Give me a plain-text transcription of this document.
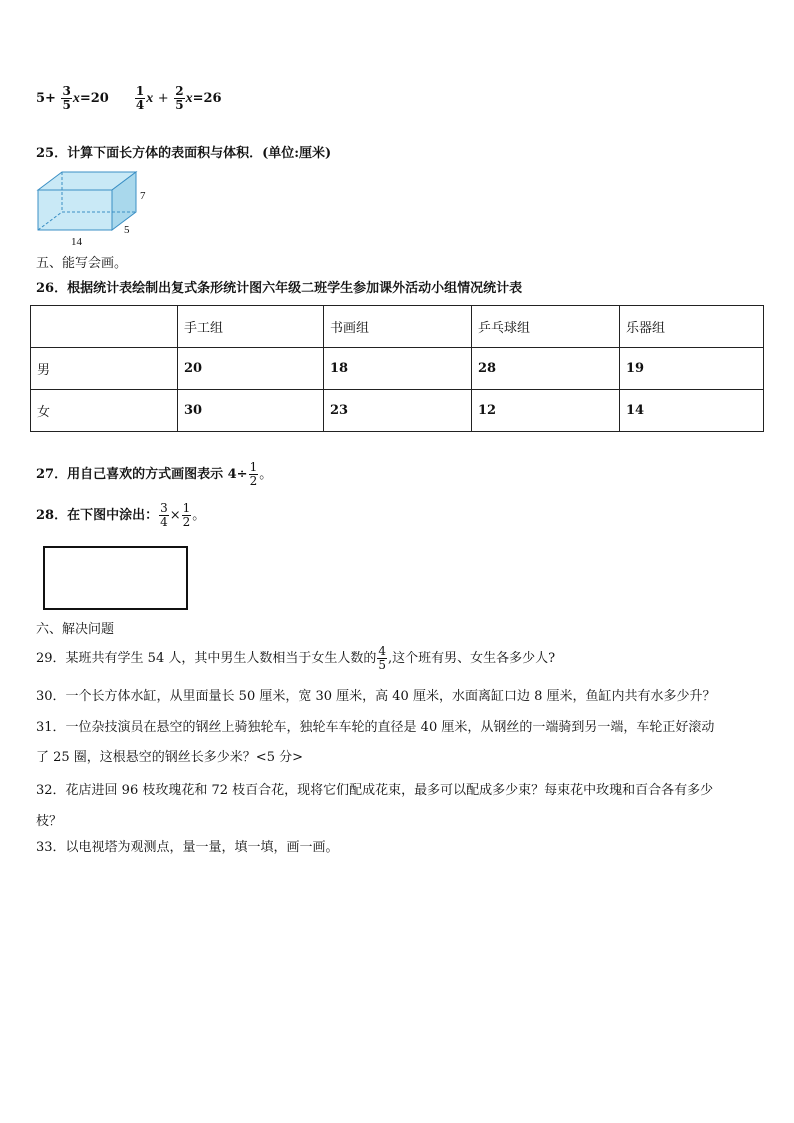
$5+ \frac{3}{5} x=20 \frac{1}{4}$ $x + \frac{2}{5} x=26$
25．计算下面长方体的表面积与体积．(单位:厘米)
7
5
14
五、能写会画。
26．根据统计表绘制出复式条形统计图六年级二班学生参加课外活动小组情况统计表
	手工组	书画组	乒乓球组	乐器组
男	20	18	28	19
女	30	23	12	14
27．用自己喜欢的方式画图表示 $4\div \frac{1}{2}$ 。
28．在下图中涂出： $\frac{3}{4} \times \frac{1}{2}$ 。
六、解决问题
29．某班共有学生 54 人，其中男生人数相当于女生人数的 $\frac{4}{5}$ ,这个班有男、女生各多少人?
30．一个长方体水缸，从里面量长 50 厘米，宽 30 厘米，高 40 厘米，水面离缸口边 8 厘米，鱼缸内共有水多少升？
31．一位杂技演员在悬空的钢丝上骑独轮车，独轮车车轮的直径是 40 厘米，从钢丝的一端骑到另一端，车轮正好滚动
了 25 圈，这根悬空的钢丝长多少米？<5 分>
32．花店进回 96 枝玫瑰花和 72 枝百合花，现将它们配成花束，最多可以配成多少束？每束花中玫瑰和百合各有多少
枝？
33．以电视塔为观测点，量一量，填一填，画一画。
